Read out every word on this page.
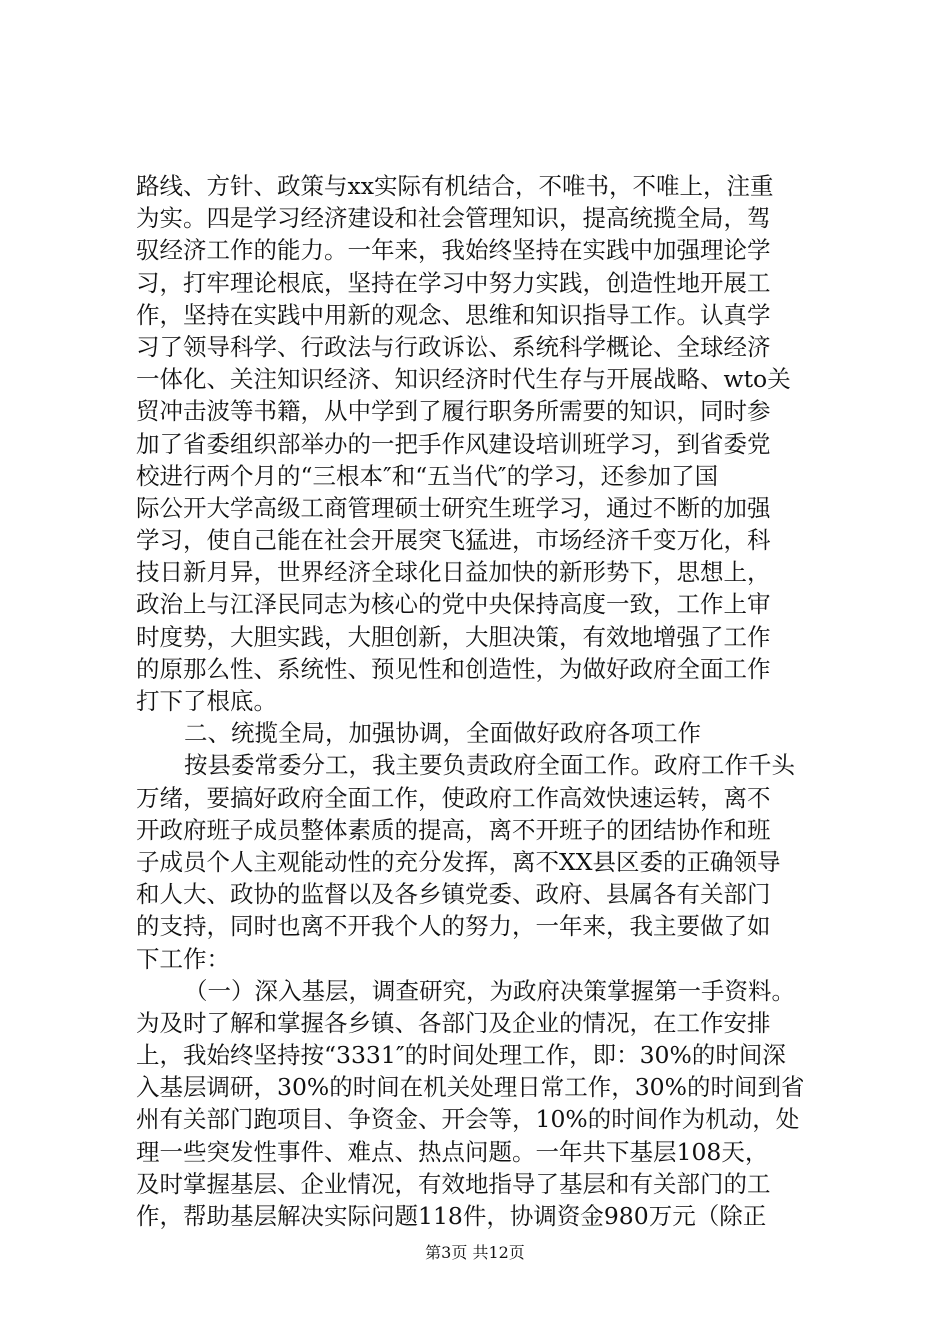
路线、方针、政策与xx实际有机结合，不唯书，不唯上，注重
为实。四是学习经济建设和社会管理知识，提高统揽全局，驾
驭经济工作的能力。一年来，我始终坚持在实践中加强理论学
习，打牢理论根底，坚持在学习中努力实践，创造性地开展工
作，坚持在实践中用新的观念、思维和知识指导工作。认真学
习了领导科学、行政法与行政诉讼、系统科学概论、全球经济
一体化、关注知识经济、知识经济时代生存与开展战略、wto关
贸冲击波等书籍，从中学到了履行职务所需要的知识，同时参
加了省委组织部举办的一把手作风建设培训班学习，到省委党
校进行两个月的“三根本″和“五当代″的学习，还参加了国
际公开大学高级工商管理硕士研究生班学习，通过不断的加强
学习，使自己能在社会开展突飞猛进，市场经济千变万化，科
技日新月异，世界经济全球化日益加快的新形势下，思想上，
政治上与江泽民同志为核心的党中央保持高度一致，工作上审
时度势，大胆实践，大胆创新，大胆决策，有效地增强了工作
的原那么性、系统性、预见性和创造性，为做好政府全面工作
打下了根底。
二、统揽全局，加强协调，全面做好政府各项工作
按县委常委分工，我主要负责政府全面工作。政府工作千头
万绪，要搞好政府全面工作，使政府工作高效快速运转，离不
开政府班子成员整体素质的提高，离不开班子的团结协作和班
子成员个人主观能动性的充分发挥，离不XX县区委的正确领导
和人大、政协的监督以及各乡镇党委、政府、县属各有关部门
的支持，同时也离不开我个人的努力，一年来，我主要做了如
下工作：
（一）深入基层，调查研究，为政府决策掌握第一手资料。
为及时了解和掌握各乡镇、各部门及企业的情况，在工作安排
上，我始终坚持按“3331″的时间处理工作，即：30%的时间深
入基层调研，30%的时间在机关处理日常工作，30%的时间到省
州有关部门跑项目、争资金、开会等，10%的时间作为机动，处
理一些突发性事件、难点、热点问题。一年共下基层108天，
及时掌握基层、企业情况，有效地指导了基层和有关部门的工
作，帮助基层解决实际问题118件，协调资金980万元（除正
第3页 共12页
